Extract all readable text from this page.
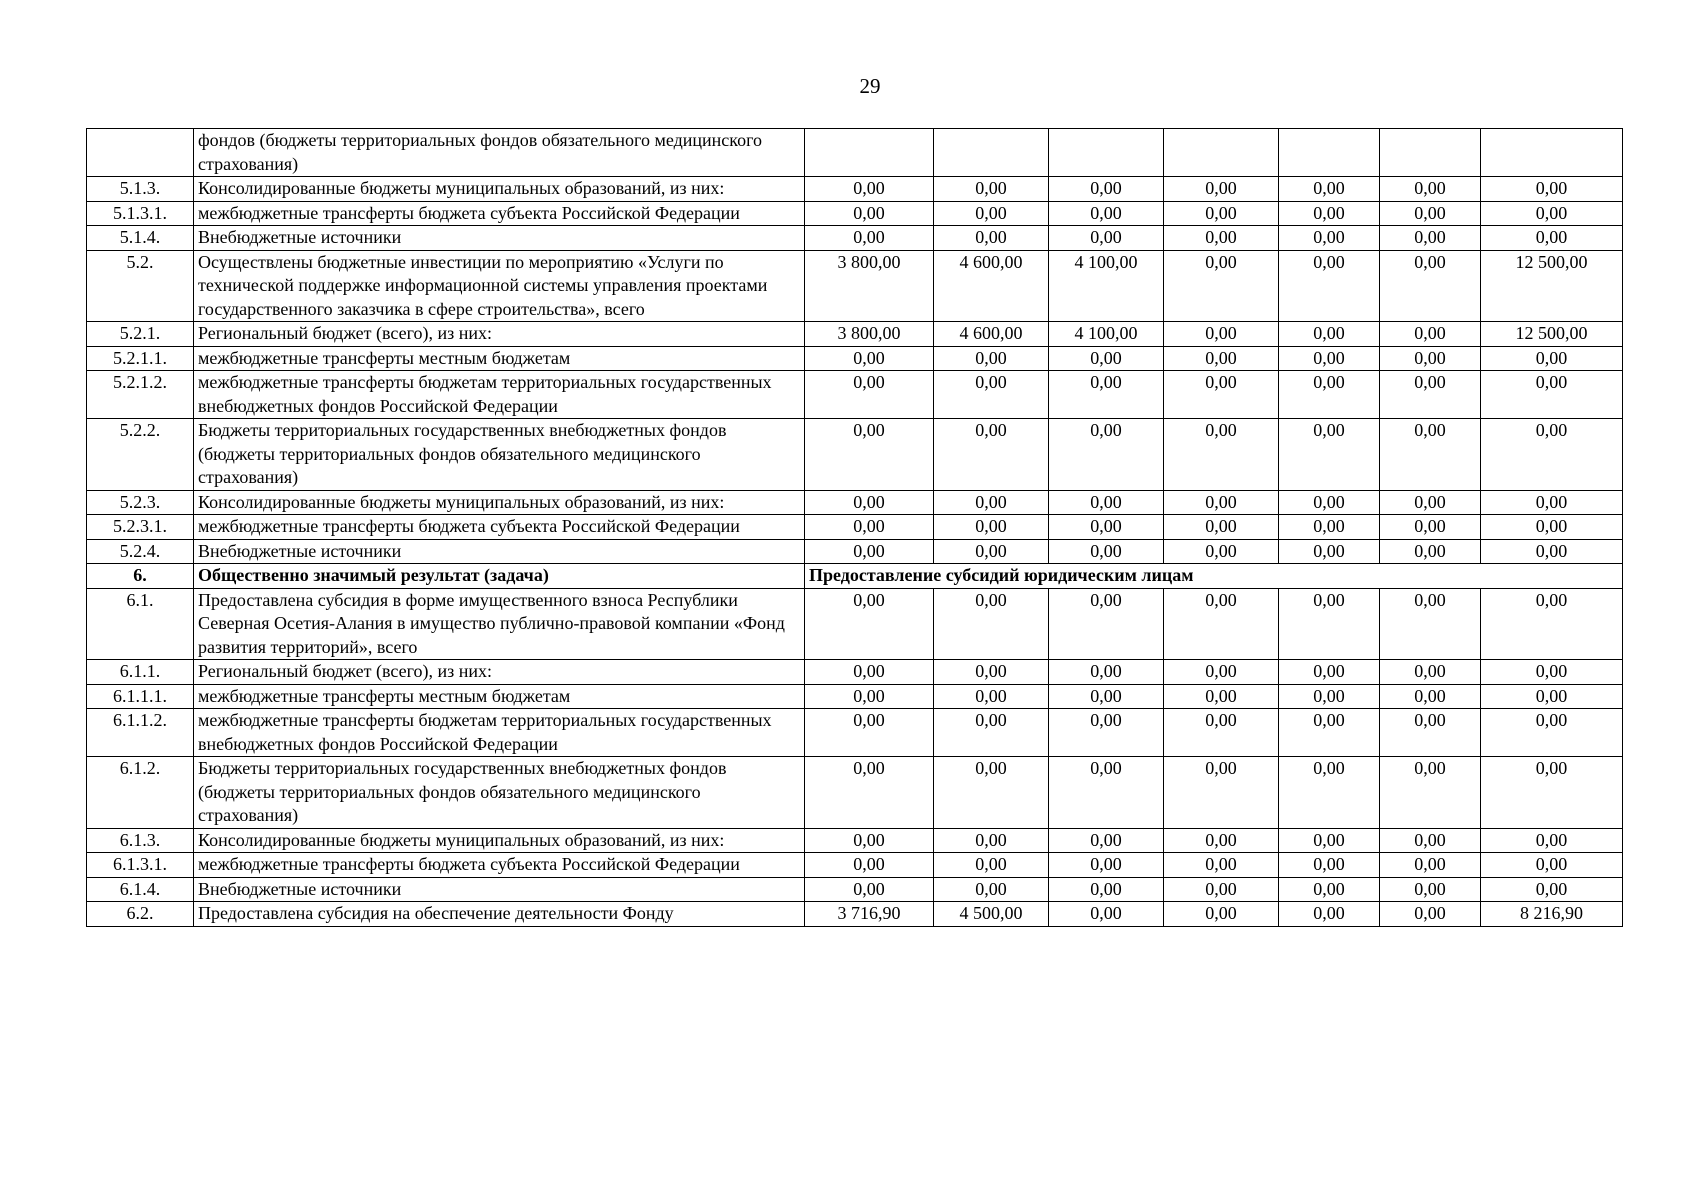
29
	фондов (бюджеты территориальных фондов обязательного медицинского страхования)							
5.1.3.	Консолидированные бюджеты муниципальных образований, из них:	0,00	0,00	0,00	0,00	0,00	0,00	0,00
5.1.3.1.	межбюджетные трансферты бюджета субъекта Российской Федерации	0,00	0,00	0,00	0,00	0,00	0,00	0,00
5.1.4.	Внебюджетные источники	0,00	0,00	0,00	0,00	0,00	0,00	0,00
5.2.	Осуществлены бюджетные инвестиции по мероприятию «Услуги по технической поддержке информационной системы управления проектами государственного заказчика в сфере строительства», всего	3 800,00	4 600,00	4 100,00	0,00	0,00	0,00	12 500,00
5.2.1.	Региональный бюджет (всего), из них:	3 800,00	4 600,00	4 100,00	0,00	0,00	0,00	12 500,00
5.2.1.1.	межбюджетные трансферты местным бюджетам	0,00	0,00	0,00	0,00	0,00	0,00	0,00
5.2.1.2.	межбюджетные трансферты бюджетам территориальных государственных внебюджетных фондов Российской Федерации	0,00	0,00	0,00	0,00	0,00	0,00	0,00
5.2.2.	Бюджеты территориальных государственных внебюджетных фондов (бюджеты территориальных фондов обязательного медицинского страхования)	0,00	0,00	0,00	0,00	0,00	0,00	0,00
5.2.3.	Консолидированные бюджеты муниципальных образований, из них:	0,00	0,00	0,00	0,00	0,00	0,00	0,00
5.2.3.1.	межбюджетные трансферты бюджета субъекта Российской Федерации	0,00	0,00	0,00	0,00	0,00	0,00	0,00
5.2.4.	Внебюджетные источники	0,00	0,00	0,00	0,00	0,00	0,00	0,00
6.	Общественно значимый результат (задача)	Предоставление субсидий юридическим лицам						
6.1.	Предоставлена субсидия в форме имущественного взноса Республики Северная Осетия-Алания в имущество публично-правовой компании «Фонд развития территорий», всего	0,00	0,00	0,00	0,00	0,00	0,00	0,00
6.1.1.	Региональный бюджет (всего), из них:	0,00	0,00	0,00	0,00	0,00	0,00	0,00
6.1.1.1.	межбюджетные трансферты местным бюджетам	0,00	0,00	0,00	0,00	0,00	0,00	0,00
6.1.1.2.	межбюджетные трансферты бюджетам территориальных государственных внебюджетных фондов Российской Федерации	0,00	0,00	0,00	0,00	0,00	0,00	0,00
6.1.2.	Бюджеты территориальных государственных внебюджетных фондов (бюджеты территориальных фондов обязательного медицинского страхования)	0,00	0,00	0,00	0,00	0,00	0,00	0,00
6.1.3.	Консолидированные бюджеты муниципальных образований, из них:	0,00	0,00	0,00	0,00	0,00	0,00	0,00
6.1.3.1.	межбюджетные трансферты бюджета субъекта Российской Федерации	0,00	0,00	0,00	0,00	0,00	0,00	0,00
6.1.4.	Внебюджетные источники	0,00	0,00	0,00	0,00	0,00	0,00	0,00
6.2.	Предоставлена субсидия на обеспечение деятельности Фонду	3 716,90	4 500,00	0,00	0,00	0,00	0,00	8 216,90
